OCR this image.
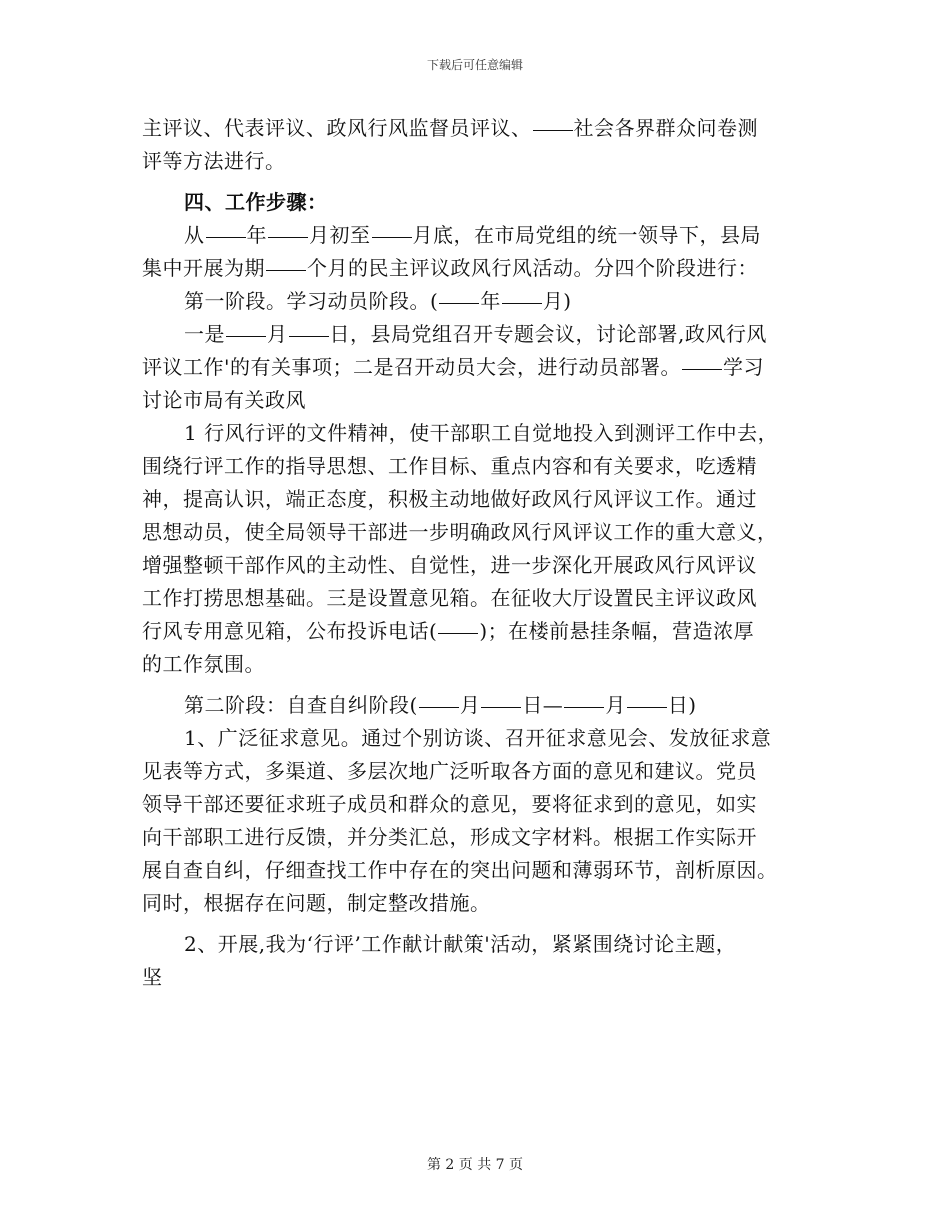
下载后可任意编辑
主评议、代表评议、政风行风监督员评议、 社会各界群众问卷测
评等方法进行。
四、工作步骤：
从 年 月初至 月底，在市局党组的统一领导下，县局
集中开展为期 个月的民主评议政风行风活动。分四个阶段进行：
第一阶段。学习动员阶段。( 年 月)
一是 月 日，县局党组召开专题会议，讨论部署,政风行风
评议工作'的有关事项；二是召开动员大会，进行动员部署。 学习
讨论市局有关政风
1 行风行评的文件精神，使干部职工自觉地投入到测评工作中去，
围绕行评工作的指导思想、工作目标、重点内容和有关要求，吃透精
神，提高认识，端正态度，积极主动地做好政风行风评议工作。通过
思想动员，使全局领导干部进一步明确政风行风评议工作的重大意义，
增强整顿干部作风的主动性、自觉性，进一步深化开展政风行风评议
工作打捞思想基础。三是设置意见箱。在征收大厅设置民主评议政风
行风专用意见箱，公布投诉电话( )；在楼前悬挂条幅，营造浓厚
的工作氛围。
第二阶段：自查自纠阶段( 月 日— 月 日)
1、广泛征求意见。通过个别访谈、召开征求意见会、发放征求意
见表等方式，多渠道、多层次地广泛听取各方面的意见和建议。党员
领导干部还要征求班子成员和群众的意见，要将征求到的意见，如实
向干部职工进行反馈，并分类汇总，形成文字材料。根据工作实际开
展自查自纠，仔细查找工作中存在的突出问题和薄弱环节，剖析原因。
同时，根据存在问题，制定整改措施。
2、开展,我为‘行评’工作献计献策'活动，紧紧围绕讨论主题，
坚
第 2 页 共 7 页
